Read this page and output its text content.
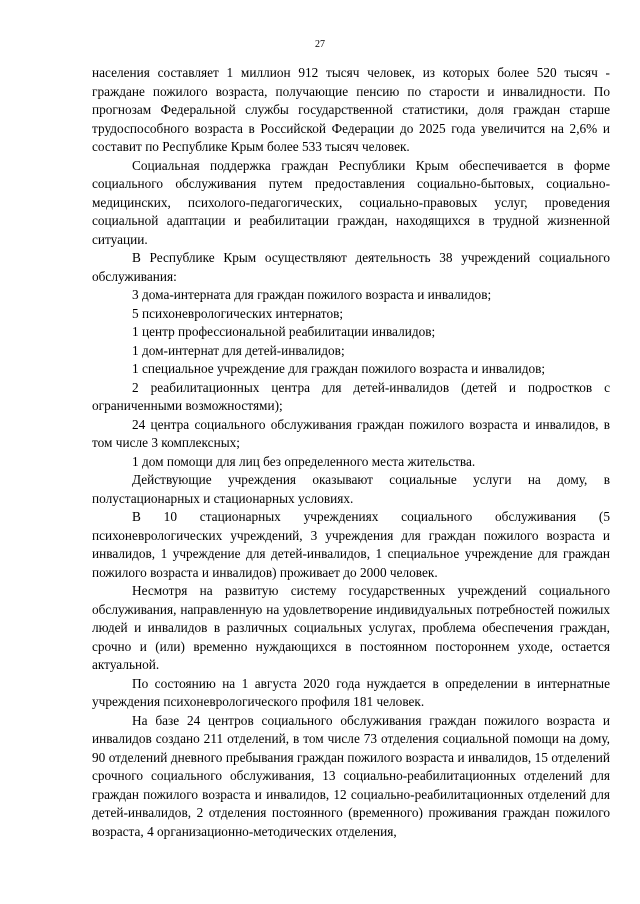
27

населения составляет 1 миллион 912 тысяч человек, из которых более 520 тысяч - граждане пожилого возраста, получающие пенсию по старости и инвалидности. По прогнозам Федеральной службы государственной статистики, доля граждан старше трудоспособного возраста в Российской Федерации до 2025 года увеличится на 2,6% и составит по Республике Крым более 533 тысяч человек.

Социальная поддержка граждан Республики Крым обеспечивается в форме социального обслуживания путем предоставления социально-бытовых, социально-медицинских, психолого-педагогических, социально-правовых услуг, проведения социальной адаптации и реабилитации граждан, находящихся в трудной жизненной ситуации.

В Республике Крым осуществляют деятельность 38 учреждений социального обслуживания:

3 дома-интерната для граждан пожилого возраста и инвалидов;

5 психоневрологических интернатов;

1 центр профессиональной реабилитации инвалидов;

1 дом-интернат для детей-инвалидов;

1 специальное учреждение для граждан пожилого возраста и инвалидов;

2 реабилитационных центра для детей-инвалидов (детей и подростков с ограниченными возможностями);

24 центра социального обслуживания граждан пожилого возраста и инвалидов, в том числе 3 комплексных;

1 дом помощи для лиц без определенного места жительства.

Действующие учреждения оказывают социальные услуги на дому, в полустационарных и стационарных условиях.

В 10 стационарных учреждениях социального обслуживания (5 психоневрологических учреждений, 3 учреждения для граждан пожилого возраста и инвалидов, 1 учреждение для детей-инвалидов, 1 специальное учреждение для граждан пожилого возраста и инвалидов) проживает до 2000 человек.

Несмотря на развитую систему государственных учреждений социального обслуживания, направленную на удовлетворение индивидуальных потребностей пожилых людей и инвалидов в различных социальных услугах, проблема обеспечения граждан, срочно и (или) временно нуждающихся в постоянном постороннем уходе, остается актуальной.

По состоянию на 1 августа 2020 года нуждается в определении в интернатные учреждения психоневрологического профиля 181 человек.

На базе 24 центров социального обслуживания граждан пожилого возраста и инвалидов создано 211 отделений, в том числе 73 отделения социальной помощи на дому, 90 отделений дневного пребывания граждан пожилого возраста и инвалидов, 15 отделений срочного социального обслуживания, 13 социально-реабилитационных отделений для граждан пожилого возраста и инвалидов, 12 социально-реабилитационных отделений для детей-инвалидов, 2 отделения постоянного (временного) проживания граждан пожилого возраста, 4 организационно-методических отделения,
